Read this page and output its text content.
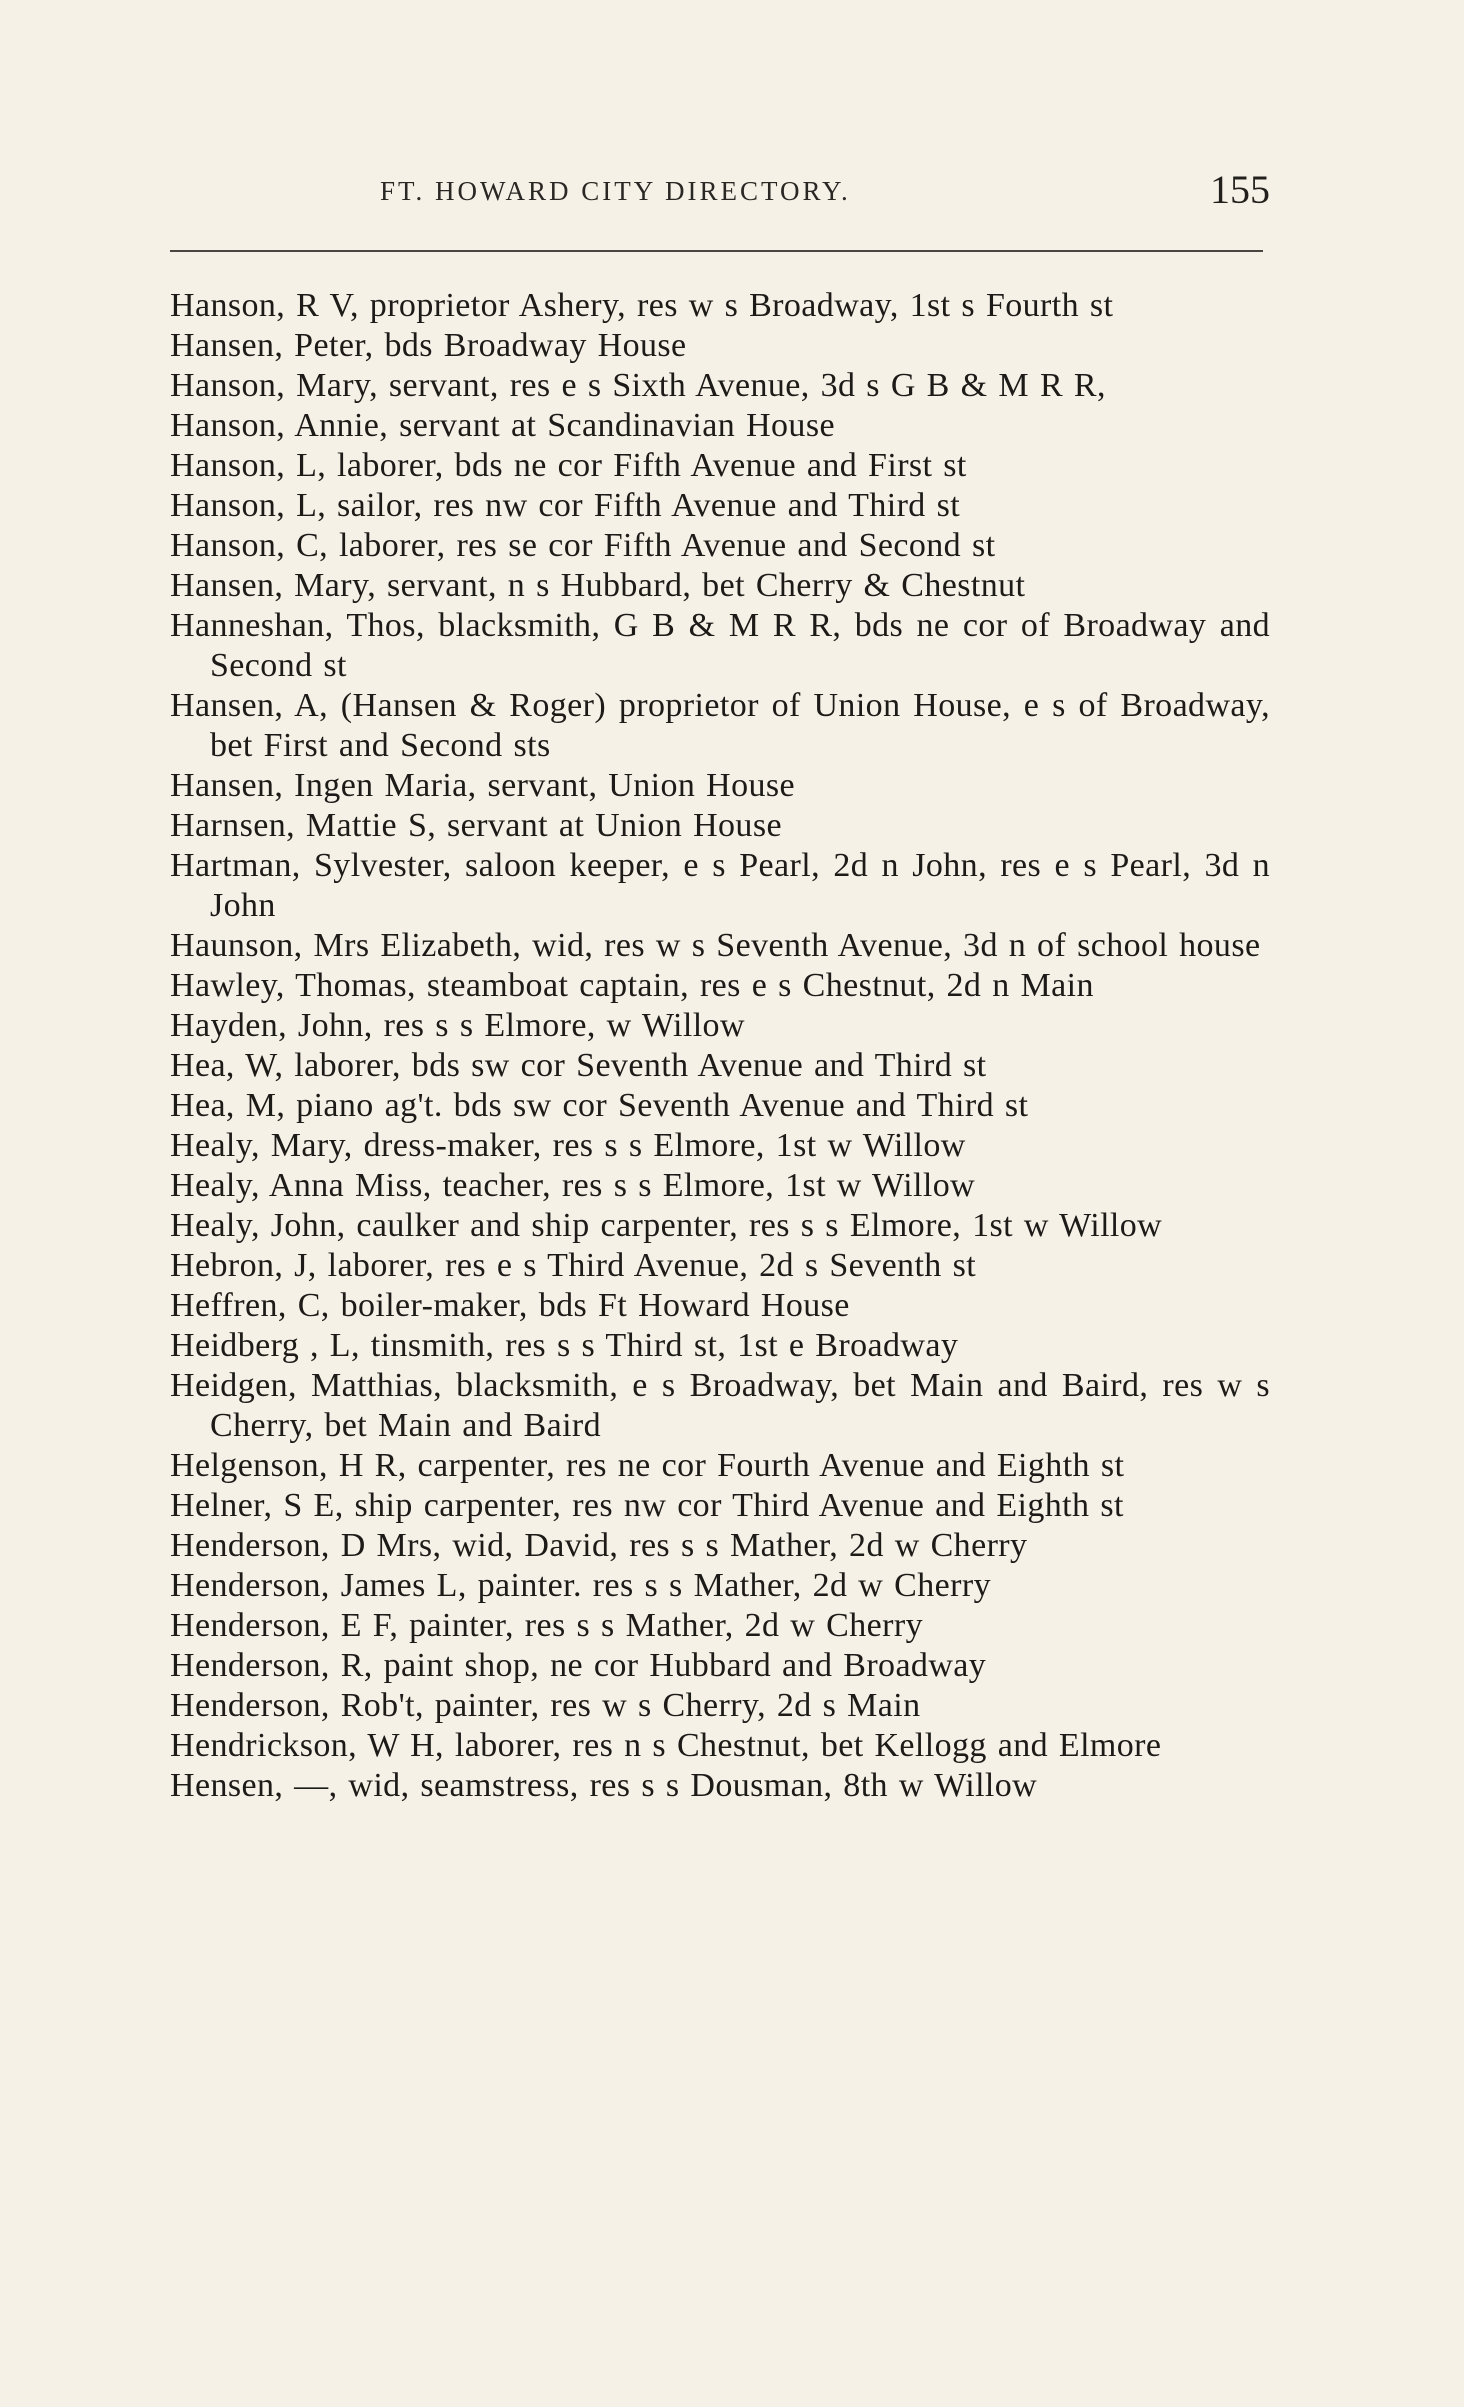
FT. HOWARD CITY DIRECTORY.	155
Hanson, R V, proprietor Ashery, res w s Broadway, 1st s Fourth st
Hansen, Peter, bds Broadway House
Hanson, Mary, servant, res e s Sixth Avenue, 3d s G B & M R R,
Hanson, Annie, servant at Scandinavian House
Hanson, L, laborer, bds ne cor Fifth Avenue and First st
Hanson, L, sailor, res nw cor Fifth Avenue and Third st
Hanson, C, laborer, res se cor Fifth Avenue and Second st
Hansen, Mary, servant, n s Hubbard, bet Cherry & Chestnut
Hanneshan, Thos, blacksmith, G B & M R R, bds ne cor of Broadway and Second st
Hansen, A, (Hansen & Roger) proprietor of Union House, e s of Broadway, bet First and Second sts
Hansen, Ingen Maria, servant, Union House
Harnsen, Mattie S, servant at Union House
Hartman, Sylvester, saloon keeper, e s Pearl, 2d n John, res e s Pearl, 3d n John
Haunson, Mrs Elizabeth, wid, res w s Seventh Avenue, 3d n of school house
Hawley, Thomas, steamboat captain, res e s Chestnut, 2d n Main
Hayden, John, res s s Elmore, w Willow
Hea, W, laborer, bds sw cor Seventh Avenue and Third st
Hea, M, piano ag't. bds sw cor Seventh Avenue and Third st
Healy, Mary, dress-maker, res s s Elmore, 1st w Willow
Healy, Anna Miss, teacher, res s s Elmore, 1st w Willow
Healy, John, caulker and ship carpenter, res s s Elmore, 1st w Willow
Hebron, J, laborer, res e s Third Avenue, 2d s Seventh st
Heffren, C, boiler-maker, bds Ft Howard House
Heidberg , L, tinsmith, res s s Third st, 1st e Broadway
Heidgen, Matthias, blacksmith, e s Broadway, bet Main and Baird, res w s Cherry, bet Main and Baird
Helgenson, H R, carpenter, res ne cor Fourth Avenue and Eighth st
Helner, S E, ship carpenter, res nw cor Third Avenue and Eighth st
Henderson, D Mrs, wid, David, res s s Mather, 2d w Cherry
Henderson, James L, painter. res s s Mather, 2d w Cherry
Henderson, E F, painter, res s s Mather, 2d w Cherry
Henderson, R, paint shop, ne cor Hubbard and Broadway
Henderson, Rob't, painter, res w s Cherry, 2d s Main
Hendrickson, W H, laborer, res n s Chestnut, bet Kellogg and Elmore
Hensen, —, wid, seamstress, res s s Dousman, 8th w Willow
